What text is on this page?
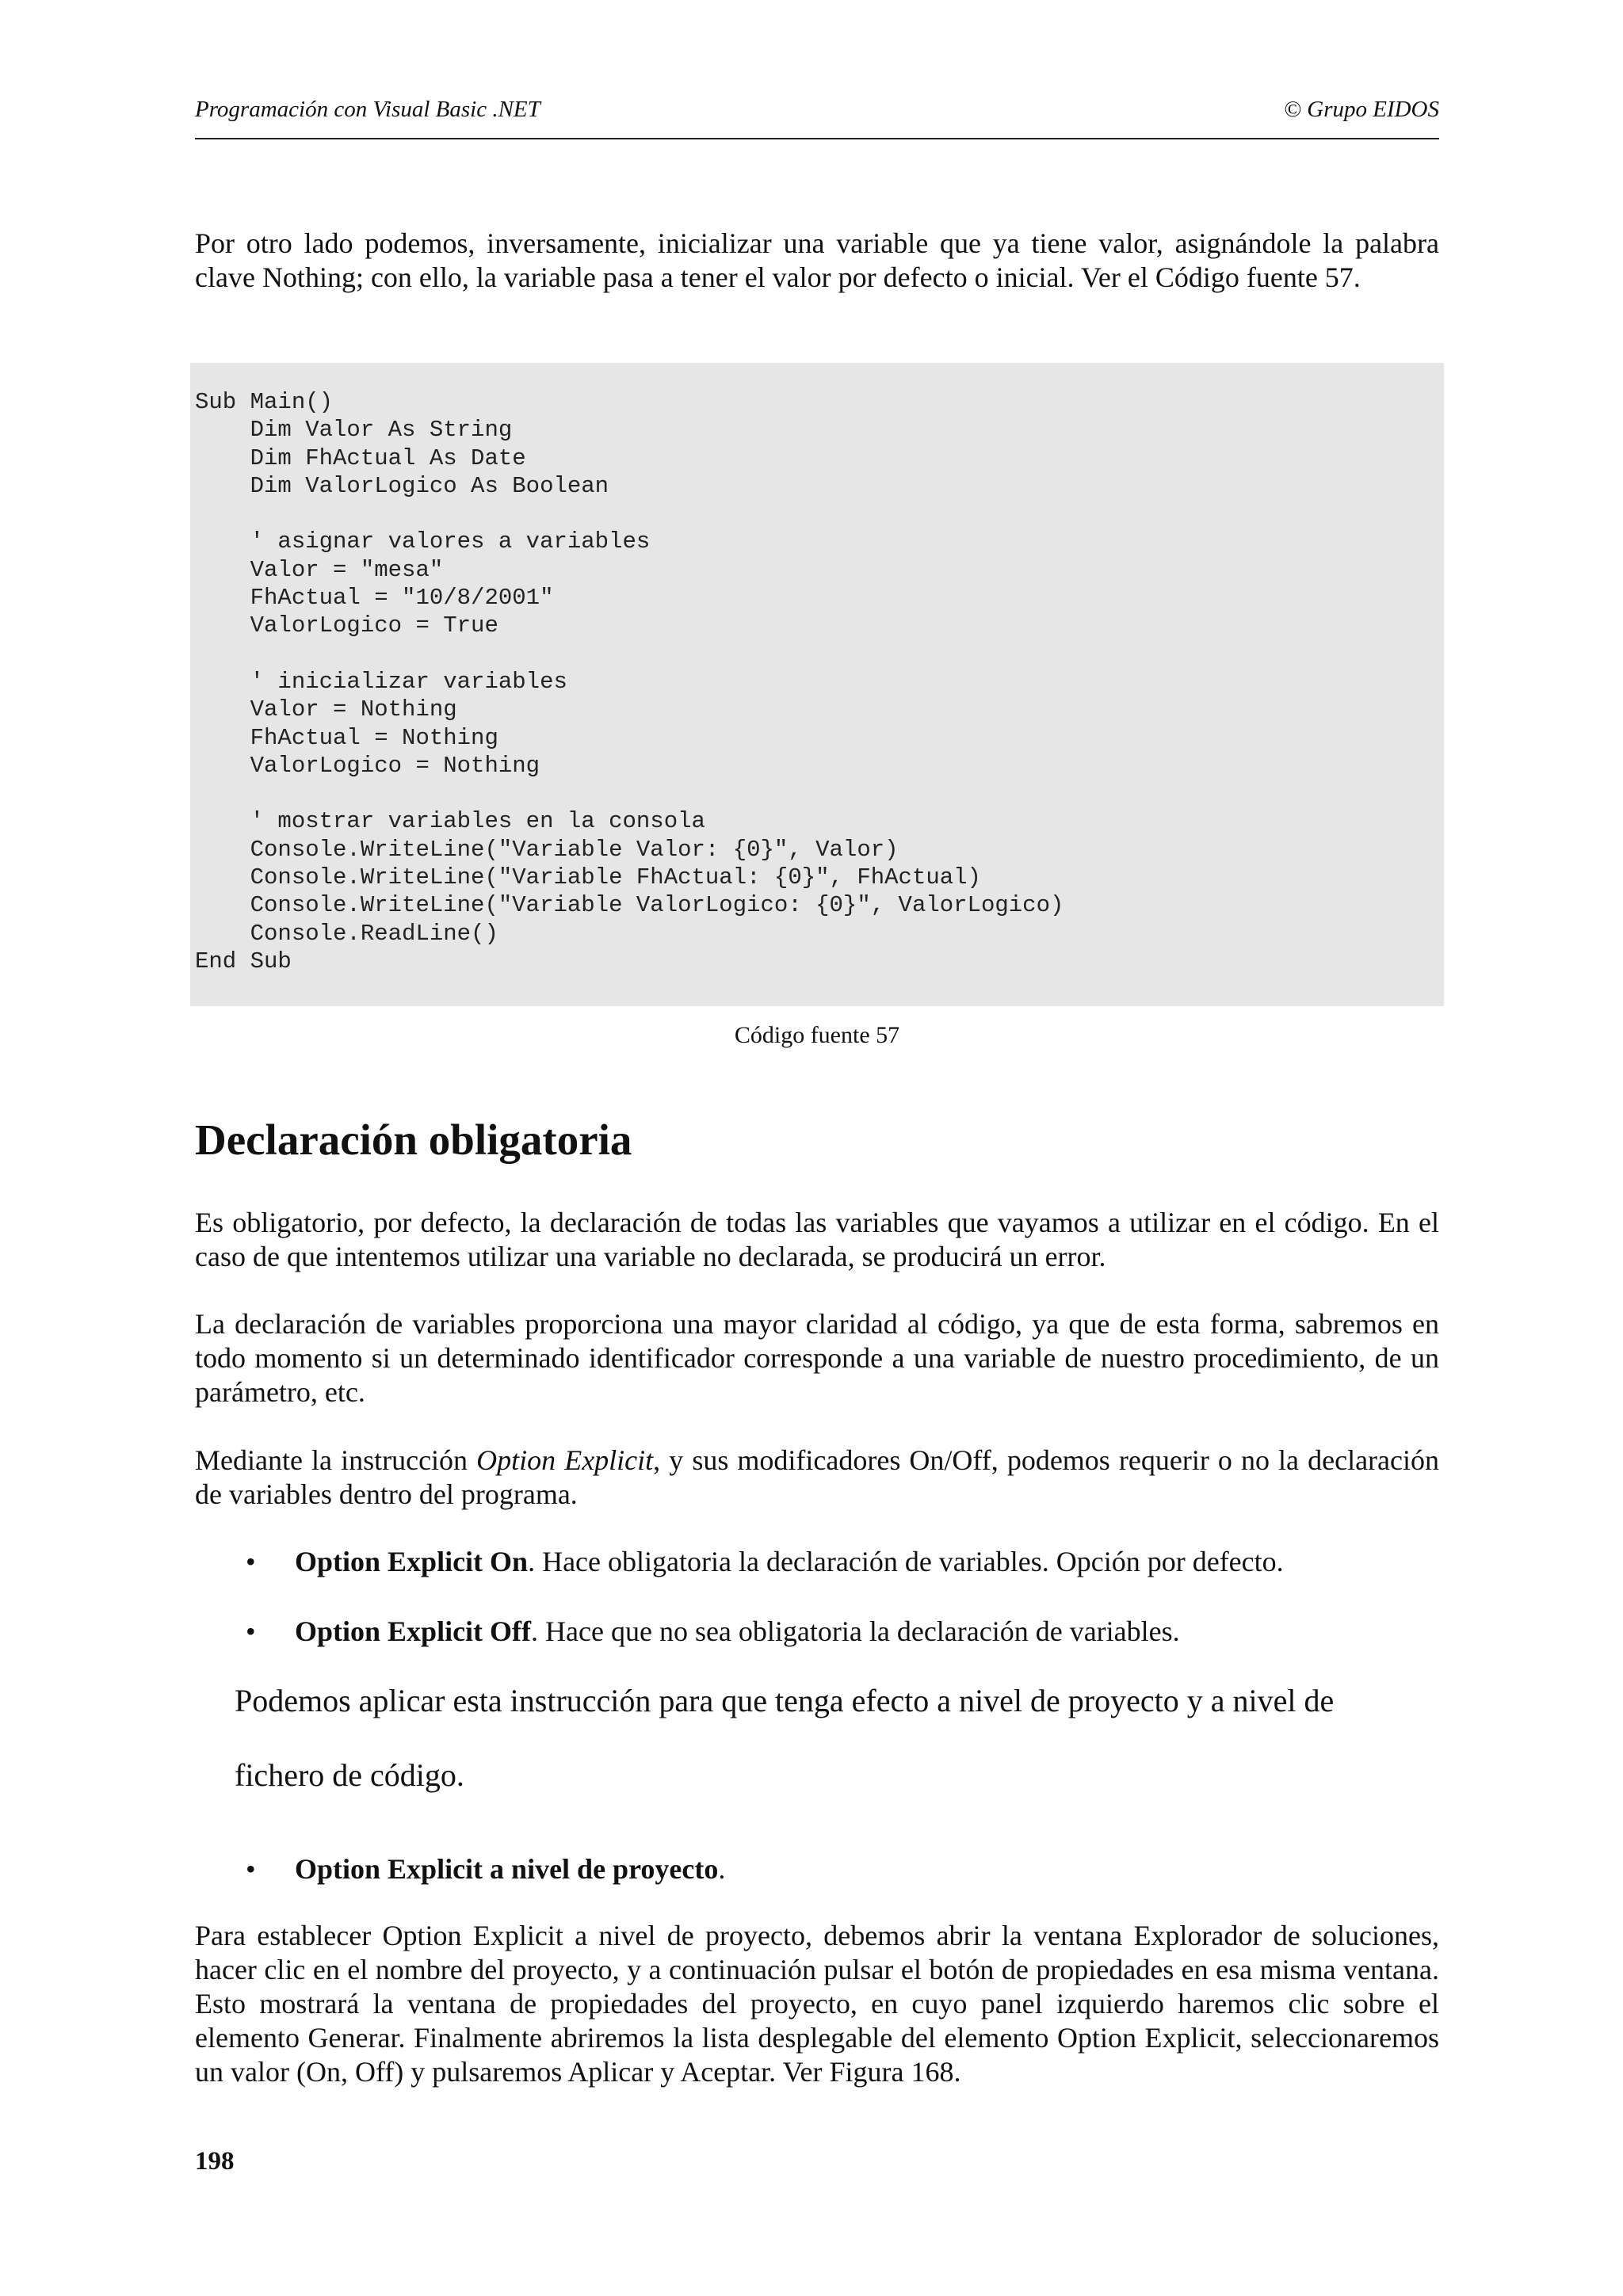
Programación con Visual Basic .NET	© Grupo EIDOS

Por otro lado podemos, inversamente, inicializar una variable que ya tiene valor, asignándole la palabra clave Nothing; con ello, la variable pasa a tener el valor por defecto o inicial. Ver el Código fuente 57.

Sub Main()
Dim Valor As String
Dim FhActual As Date
Dim ValorLogico As Boolean

' asignar valores a variables
Valor = "mesa"
FhActual = "10/8/2001"
ValorLogico = True

' inicializar variables
Valor = Nothing
FhActual = Nothing
ValorLogico = Nothing

' mostrar variables en la consola
Console.WriteLine("Variable Valor: {0}", Valor)
Console.WriteLine("Variable FhActual: {0}", FhActual)
Console.WriteLine("Variable ValorLogico: {0}", ValorLogico)
Console.ReadLine()
End Sub

Código fuente 57

Declaración obligatoria

Es obligatorio, por defecto, la declaración de todas las variables que vayamos a utilizar en el código. En el caso de que intentemos utilizar una variable no declarada, se producirá un error.

La declaración de variables proporciona una mayor claridad al código, ya que de esta forma, sabremos en todo momento si un determinado identificador corresponde a una variable de nuestro procedimiento, de un parámetro, etc.

Mediante la instrucción Option Explicit, y sus modificadores On/Off, podemos requerir o no la declaración de variables dentro del programa.

• Option Explicit On. Hace obligatoria la declaración de variables. Opción por defecto.
• Option Explicit Off. Hace que no sea obligatoria la declaración de variables.

Podemos aplicar esta instrucción para que tenga efecto a nivel de proyecto y a nivel de

fichero de código.

• Option Explicit a nivel de proyecto.

Para establecer Option Explicit a nivel de proyecto, debemos abrir la ventana Explorador de soluciones, hacer clic en el nombre del proyecto, y a continuación pulsar el botón de propiedades en esa misma ventana. Esto mostrará la ventana de propiedades del proyecto, en cuyo panel izquierdo haremos clic sobre el elemento Generar. Finalmente abriremos la lista desplegable del elemento Option Explicit, seleccionaremos un valor (On, Off) y pulsaremos Aplicar y Aceptar. Ver Figura 168.

198
